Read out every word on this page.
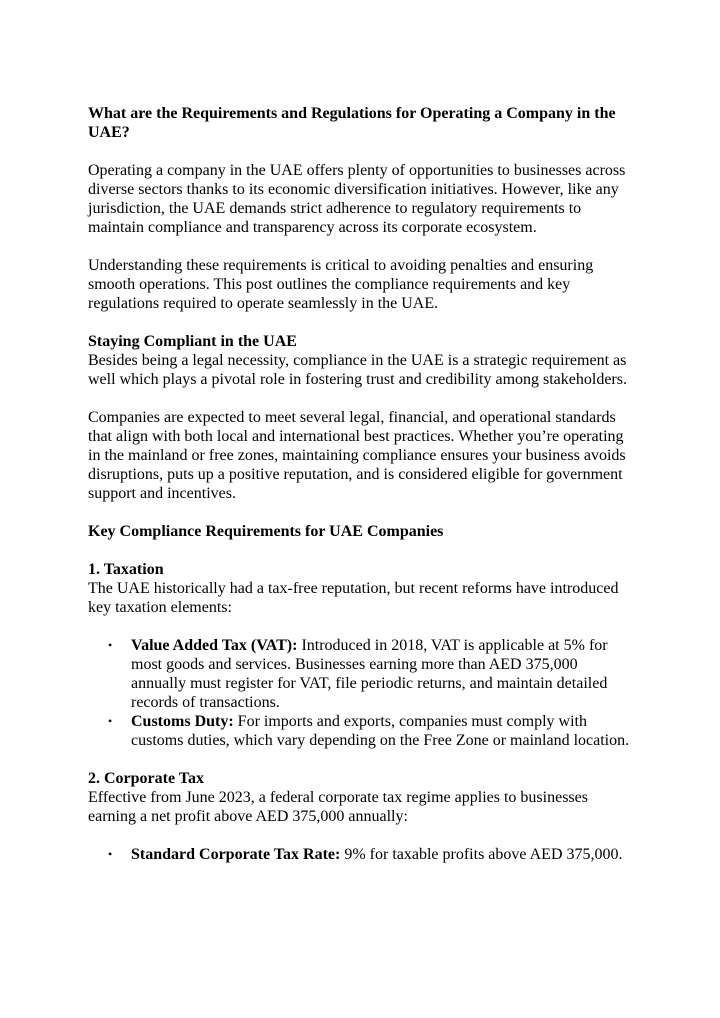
What are the Requirements and Regulations for Operating a Company in the UAE?

Operating a company in the UAE offers plenty of opportunities to businesses across diverse sectors thanks to its economic diversification initiatives. However, like any jurisdiction, the UAE demands strict adherence to regulatory requirements to maintain compliance and transparency across its corporate ecosystem.

Understanding these requirements is critical to avoiding penalties and ensuring smooth operations. This post outlines the compliance requirements and key regulations required to operate seamlessly in the UAE.

Staying Compliant in the UAE

Besides being a legal necessity, compliance in the UAE is a strategic requirement as well which plays a pivotal role in fostering trust and credibility among stakeholders.

Companies are expected to meet several legal, financial, and operational standards that align with both local and international best practices. Whether you’re operating in the mainland or free zones, maintaining compliance ensures your business avoids disruptions, puts up a positive reputation, and is considered eligible for government support and incentives.

Key Compliance Requirements for UAE Companies

1. Taxation

The UAE historically had a tax-free reputation, but recent reforms have introduced key taxation elements:

• Value Added Tax (VAT): Introduced in 2018, VAT is applicable at 5% for most goods and services. Businesses earning more than AED 375,000 annually must register for VAT, file periodic returns, and maintain detailed records of transactions.
• Customs Duty: For imports and exports, companies must comply with customs duties, which vary depending on the Free Zone or mainland location.
2. Corporate Tax

Effective from June 2023, a federal corporate tax regime applies to businesses earning a net profit above AED 375,000 annually:

• Standard Corporate Tax Rate: 9% for taxable profits above AED 375,000.
